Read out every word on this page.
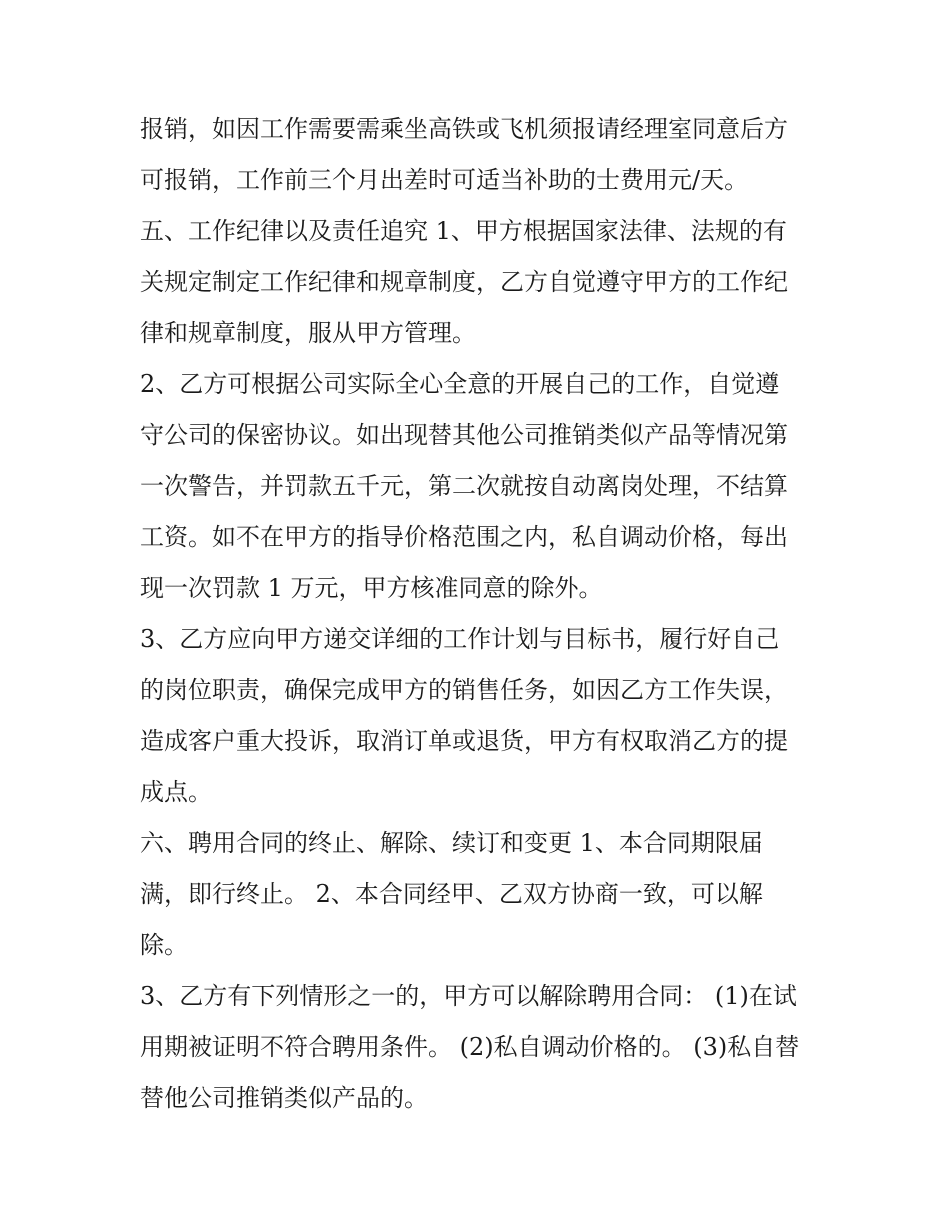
报销，如因工作需要需乘坐高铁或飞机须报请经理室同意后方
可报销，工作前三个月出差时可适当补助的士费用元/天。
五、工作纪律以及责任追究 1、甲方根据国家法律、法规的有
关规定制定工作纪律和规章制度，乙方自觉遵守甲方的工作纪
律和规章制度，服从甲方管理。
2、乙方可根据公司实际全心全意的开展自己的工作，自觉遵
守公司的保密协议。如出现替其他公司推销类似产品等情况第
一次警告，并罚款五千元，第二次就按自动离岗处理，不结算
工资。如不在甲方的指导价格范围之内，私自调动价格，每出
现一次罚款 1 万元，甲方核准同意的除外。
3、乙方应向甲方递交详细的工作计划与目标书，履行好自己
的岗位职责，确保完成甲方的销售任务，如因乙方工作失误，
造成客户重大投诉，取消订单或退货，甲方有权取消乙方的提
成点。
六、聘用合同的终止、解除、续订和变更 1、本合同期限届
满，即行终止。 2、本合同经甲、乙双方协商一致，可以解
除。
3、乙方有下列情形之一的，甲方可以解除聘用合同： (1)在试
用期被证明不符合聘用条件。 (2)私自调动价格的。 (3)私自替
替他公司推销类似产品的。
